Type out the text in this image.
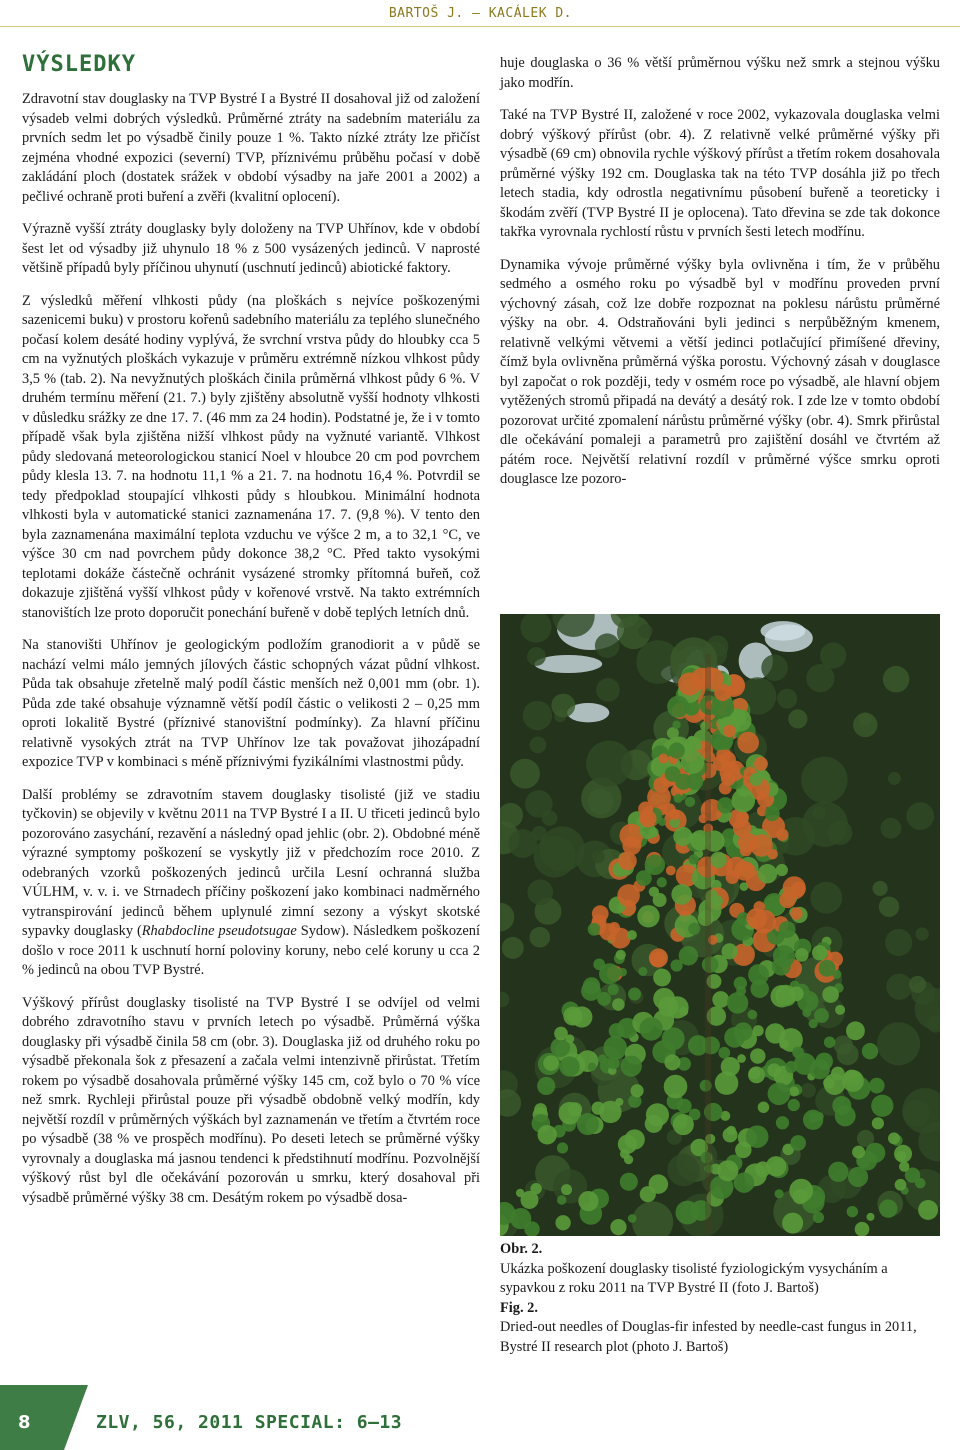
BARTOŠ J. – KACÁLEK D.
VÝSLEDKY

Zdravotní stav douglasky na TVP Bystré I a Bystré II dosahoval již od založení výsadeb velmi dobrých výsledků. Průměrné ztráty na sadebním materiálu za prvních sedm let po výsadbě činily pouze 1 %. Takto nízké ztráty lze přičíst zejména vhodné expozici (severní) TVP, příznivému průběhu počasí v době zakládání ploch (dostatek srážek v období výsadby na jaře 2001 a 2002) a pečlivé ochraně proti buření a zvěři (kvalitní oplocení).

Výrazně vyšší ztráty douglasky byly doloženy na TVP Uhřínov, kde v období šest let od výsadby již uhynulo 18 % z 500 vysázených jedinců. V naprosté většině případů byly příčinou uhynutí (uschnutí jedinců) abiotické faktory.

Z výsledků měření vlhkosti půdy (na ploškách s nejvíce poškozenými sazenicemi buku) v prostoru kořenů sadebního materiálu za teplého slunečného počasí kolem desáté hodiny vyplývá, že svrchní vrstva půdy do hloubky cca 5 cm na vyžnutých ploškách vykazuje v průměru extrémně nízkou vlhkost půdy 3,5 % (tab. 2). Na nevyžnutých ploškách činila průměrná vlhkost půdy 6 %. V druhém termínu měření (21. 7.) byly zjištěny absolutně vyšší hodnoty vlhkosti v důsledku srážky ze dne 17. 7. (46 mm za 24 hodin). Podstatné je, že i v tomto případě však byla zjištěna nižší vlhkost půdy na vyžnuté variantě. Vlhkost půdy sledovaná meteorologickou stanicí Noel v hloubce 20 cm pod povrchem půdy klesla 13. 7. na hodnotu 11,1 % a 21. 7. na hodnotu 16,4 %. Potvrdil se tedy předpoklad stoupající vlhkosti půdy s hloubkou. Minimální hodnota vlhkosti byla v automatické stanici zaznamenána 17. 7. (9,8 %). V tento den byla zaznamenána maximální teplota vzduchu ve výšce 2 m, a to 32,1 °C, ve výšce 30 cm nad povrchem půdy dokonce 38,2 °C. Před takto vysokými teplotami dokáže částečně ochránit vysázené stromky přítomná buřeň, což dokazuje zjištěná vyšší vlhkost půdy v kořenové vrstvě. Na takto extrémních stanovištích lze proto doporučit ponechání buřeně v době teplých letních dnů.

Na stanovišti Uhřínov je geologickým podložím granodiorit a v půdě se nachází velmi málo jemných jílových částic schopných vázat půdní vlhkost. Půda tak obsahuje zřetelně malý podíl částic menších než 0,001 mm (obr. 1). Půda zde také obsahuje významně větší podíl částic o velikosti 2 – 0,25 mm oproti lokalitě Bystré (příznivé stanovištní podmínky). Za hlavní příčinu relativně vysokých ztrát na TVP Uhřínov lze tak považovat jihozápadní expozice TVP v kombinaci s méně příznivými fyzikálními vlastnostmi půdy.

Další problémy se zdravotním stavem douglasky tisolisté (již ve stadiu tyčkovin) se objevily v květnu 2011 na TVP Bystré I a II. U třiceti jedinců bylo pozorováno zasychání, rezavění a následný opad jehlic (obr. 2). Obdobné méně výrazné symptomy poškození se vyskytly již v předchozím roce 2010. Z odebraných vzorků poškozených jedinců určila Lesní ochranná služba VÚLHM, v. v. i. ve Strnadech příčiny poškození jako kombinaci nadměrného vytranspirování jedinců během uplynulé zimní sezony a výskyt skotské sypavky douglasky (Rhabdocline pseudotsugae Sydow). Následkem poškození došlo v roce 2011 k uschnutí horní poloviny koruny, nebo celé koruny u cca 2 % jedinců na obou TVP Bystré.

Výškový přírůst douglasky tisolisté na TVP Bystré I se odvíjel od velmi dobrého zdravotního stavu v prvních letech po výsadbě. Průměrná výška douglasky při výsadbě činila 58 cm (obr. 3). Douglaska již od druhého roku po výsadbě překonala šok z přesazení a začala velmi intenzivně přirůstat. Třetím rokem po výsadbě dosahovala průměrné výšky 145 cm, což bylo o 70 % více než smrk. Rychleji přirůstal pouze při výsadbě obdobně velký modřín, kdy největší rozdíl v průměrných výškách byl zaznamenán ve třetím a čtvrtém roce po výsadbě (38 % ve prospěch modřínu). Po deseti letech se průměrné výšky vyrovnaly a douglaska má jasnou tendenci k předstihnutí modřínu. Pozvolnější výškový růst byl dle očekávání pozorován u smrku, který dosahoval při výsadbě průměrné výšky 38 cm. Desátým rokem po výsadbě dosa-

huje douglaska o 36 % větší průměrnou výšku než smrk a stejnou výšku jako modřín.

Také na TVP Bystré II, založené v roce 2002, vykazovala douglaska velmi dobrý výškový přírůst (obr. 4). Z relativně velké průměrné výšky při výsadbě (69 cm) obnovila rychle výškový přírůst a třetím rokem dosahovala průměrné výšky 192 cm. Douglaska tak na této TVP dosáhla již po třech letech stadia, kdy odrostla negativnímu působení buřeně a teoreticky i škodám zvěří (TVP Bystré II je oplocena). Tato dřevina se zde tak dokonce takřka vyrovnala rychlostí růstu v prvních šesti letech modřínu.

Dynamika vývoje průměrné výšky byla ovlivněna i tím, že v průběhu sedmého a osmého roku po výsadbě byl v modřínu proveden první výchovný zásah, což lze dobře rozpoznat na poklesu nárůstu průměrné výšky na obr. 4. Odstraňováni byli jedinci s nerpůběžným kmenem, relativně velkými větvemi a větší jedinci potlačující přimíšené dřeviny, čímž byla ovlivněna průměrná výška porostu. Výchovný zásah v douglasce byl započat o rok později, tedy v osmém roce po výsadbě, ale hlavní objem vytěžených stromů připadá na devátý a desátý rok. I zde lze v tomto období pozorovat určité zpomalení nárůstu průměrné výšky (obr. 4). Smrk přirůstal dle očekávání pomaleji a parametrů pro zajištění dosáhl ve čtvrtém až pátém roce. Největší relativní rozdíl v průměrné výšce smrku oproti douglasce lze pozoro-

Obr. 2.
Ukázka poškození douglasky tisolisté fyziologickým vysycháním a sypavkou z roku 2011 na TVP Bystré II (foto J. Bartoš)
Fig. 2.
Dried-out needles of Douglas-fir infested by needle-cast fungus in 2011, Bystré II research plot (photo J. Bartoš)
8	ZLV, 56, 2011 SPECIAL: 6–13
